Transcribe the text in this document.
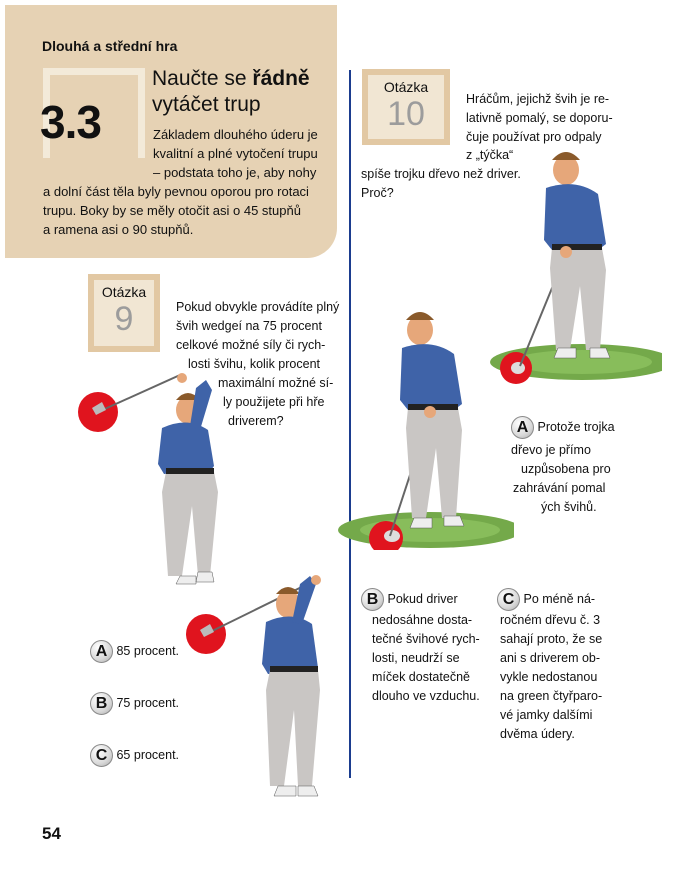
Dlouhá a střední hra
3.3
Naučte se řádně
vytáčet trup
Základem dlouhého úderu je
kvalitní a plné vytočení trupu
– podstata toho je, aby nohy
a dolní část těla byly pevnou oporou pro rotaci
trupu. Boky by se měly otočit asi o 45 stupňů
a ramena asi o 90 stupňů.
Otázka
10	Hráčům, jejichž švih je re-
lativně pomalý, se doporu-
čuje používat pro odpaly
z „týčka“
spíše trojku dřevo než driver.
Proč?
Otázka
9	Pokud obvykle provádíte plný
švih wedgeí na 75 procent
celkové možné síly či rych-
losti švihu, kolik procent
maximální možné sí-
ly použijete při hře
driverem?
A 85 procent.
B 75 procent.
C 65 procent.
A Protože trojka
dřevo je přímo
uzpůsobena pro
zahrávání pomal
ých švihů.
B Pokud driver
nedosáhne dosta-
tečné švihové rych-
losti, neudrží se
míček dostatečně
dlouho ve vzduchu.
C Po méně ná-
ročném dřevu č. 3
sahají proto, že se
ani s driverem ob-
vykle nedostanou
na green čtyřparo-
vé jamky dalšími
dvěma údery.
54
